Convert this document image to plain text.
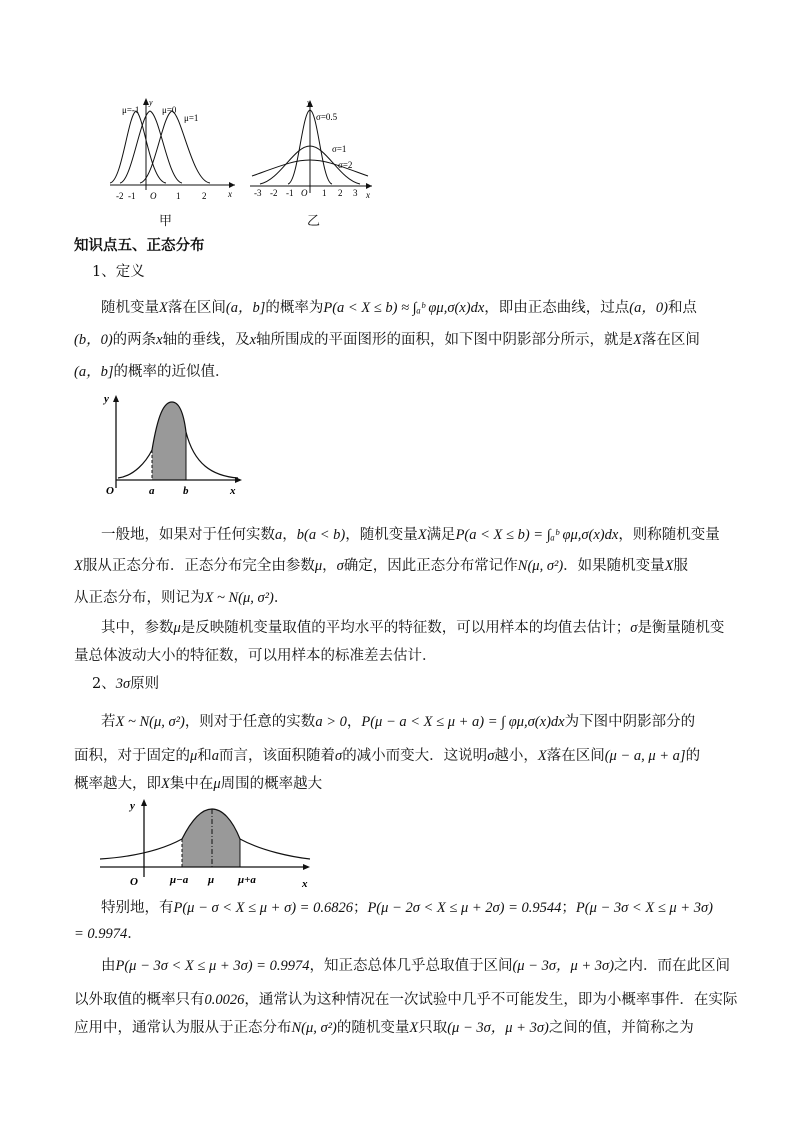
μ=-1	μ=0
μ=1
y
x
-2 -1 O 1 2
甲
σ=0.5
σ=1
σ=2
y
x
-3 -2 -1 O 1 2 3
乙
知识点五、正态分布
1、定义
随机变量X落在区间(a，b]的概率为P(a < X ≤ b) ≈ ∫ₐᵇ φμ,σ(x)dx，即由正态曲线，过点(a，0)和点
(b，0)的两条x轴的垂线，及x轴所围成的平面图形的面积，如下图中阴影部分所示，就是X落在区间
(a，b]的概率的近似值．
y
O	a	b	x
一般地，如果对于任何实数a，b(a < b)，随机变量X满足P(a < X ≤ b) = ∫ₐᵇ φμ,σ(x)dx，则称随机变量
X服从正态分布．正态分布完全由参数μ，σ确定，因此正态分布常记作N(μ, σ²)．如果随机变量X服
从正态分布，则记为X ~ N(μ, σ²)．
其中，参数μ是反映随机变量取值的平均水平的特征数，可以用样本的均值去估计；σ是衡量随机变
量总体波动大小的特征数，可以用样本的标准差去估计．
2、3σ原则
若X ~ N(μ, σ²)，则对于任意的实数a > 0，P(μ − a < X ≤ μ + a) = ∫ φμ,σ(x)dx为下图中阴影部分的
面积，对于固定的μ和a而言，该面积随着σ的减小而变大．这说明σ越小，X落在区间(μ − a, μ + a]的
概率越大，即X集中在μ周围的概率越大
y
O	μ−a μ μ+a	x
特别地，有P(μ − σ < X ≤ μ + σ) = 0.6826；P(μ − 2σ < X ≤ μ + 2σ) = 0.9544；P(μ − 3σ < X ≤ μ + 3σ)
= 0.9974．
由P(μ − 3σ < X ≤ μ + 3σ) = 0.9974，知正态总体几乎总取值于区间(μ − 3σ，μ + 3σ)之内．而在此区间
以外取值的概率只有0.0026，通常认为这种情况在一次试验中几乎不可能发生，即为小概率事件．在实际
应用中，通常认为服从于正态分布N(μ, σ²)的随机变量X只取(μ − 3σ，μ + 3σ)之间的值，并简称之为
